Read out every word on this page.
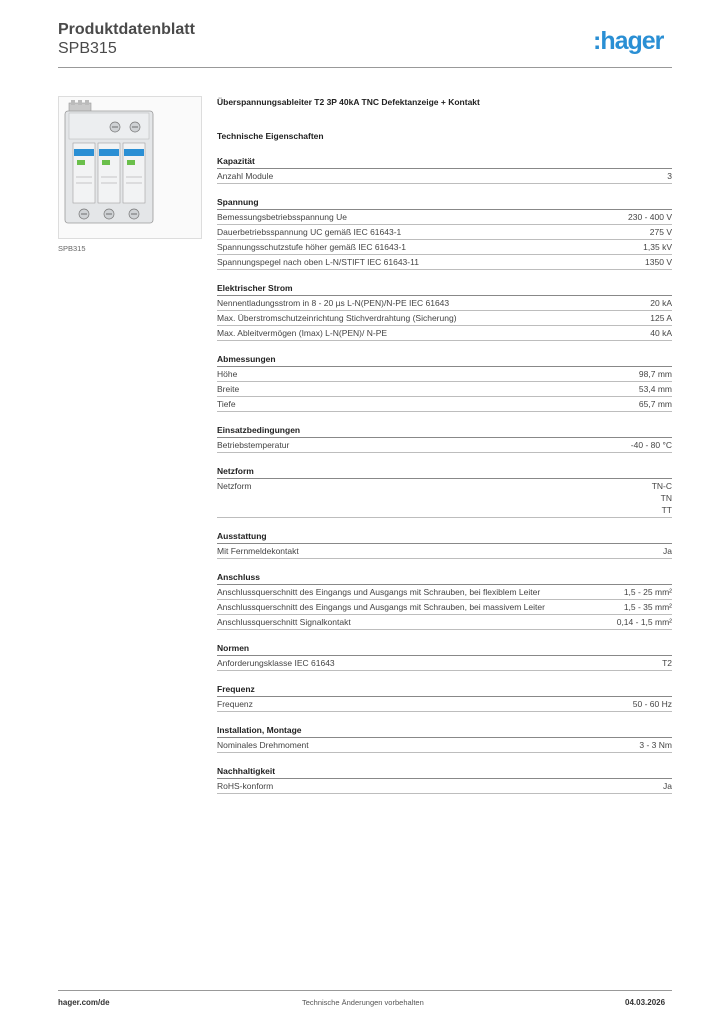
Produktdatenblatt
SPB315	:hager
SPB315
Überspannungsableiter T2 3P 40kA TNC Defektanzeige + Kontakt
Technische Eigenschaften
Kapazität
Anzahl Module	3
Spannung
Bemessungsbetriebsspannung Ue	230 - 400 V
Dauerbetriebsspannung UC gemäß IEC 61643-1	275 V
Spannungsschutzstufe höher gemäß IEC 61643-1	1,35 kV
Spannungspegel nach oben L-N/STIFT IEC 61643-11	1350 V
Elektrischer Strom
Nennentladungsstrom in 8 - 20 µs L-N(PEN)/N-PE IEC 61643	20 kA
Max. Überstromschutzeinrichtung Stichverdrahtung (Sicherung)	125 A
Max. Ableitvermögen (Imax) L-N(PEN)/ N-PE	40 kA
Abmessungen
Höhe	98,7 mm
Breite	53,4 mm
Tiefe	65,7 mm
Einsatzbedingungen
Betriebstemperatur	-40 - 80 °C
Netzform
Netzform	TN-C
TN
TT
Ausstattung
Mit Fernmeldekontakt	Ja
Anschluss
Anschlussquerschnitt des Eingangs und Ausgangs mit Schrauben, bei flexiblem Leiter	1,5 - 25 mm²
Anschlussquerschnitt des Eingangs und Ausgangs mit Schrauben, bei massivem Leiter	1,5 - 35 mm²
Anschlussquerschnitt Signalkontakt	0,14 - 1,5 mm²
Normen
Anforderungsklasse IEC 61643	T2
Frequenz
Frequenz	50 - 60 Hz
Installation, Montage
Nominales Drehmoment	3 - 3 Nm
Nachhaltigkeit
RoHS-konform	Ja
hager.com/de	Technische Änderungen vorbehalten	04.03.2026
